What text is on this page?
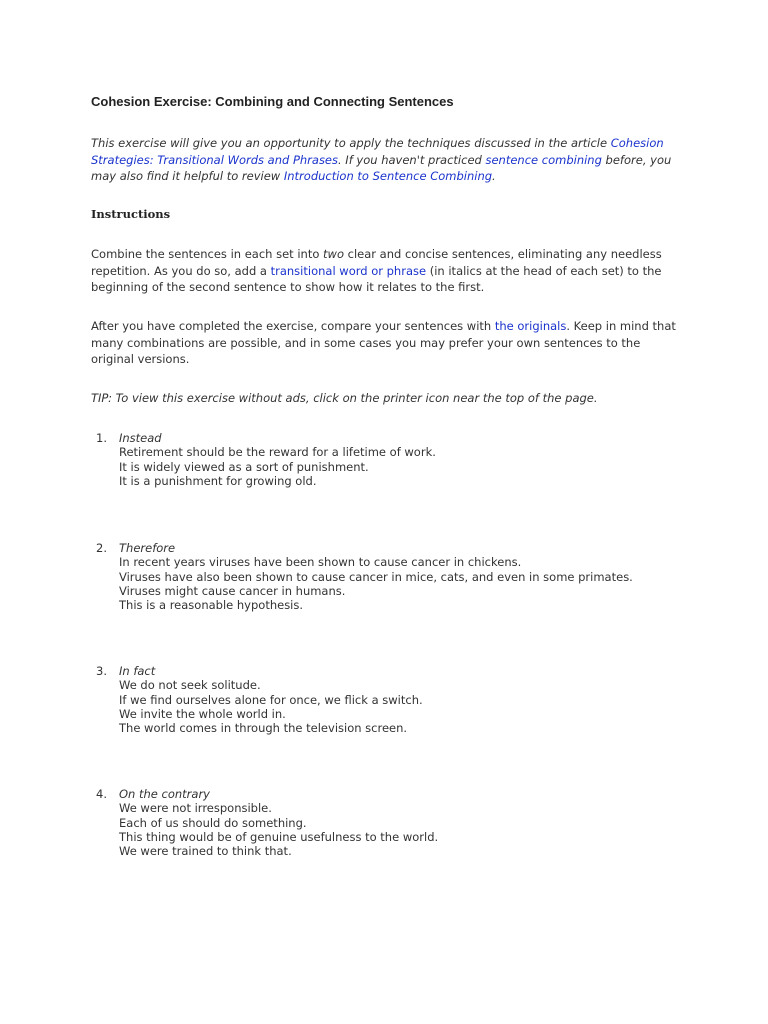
Cohesion Exercise: Combining and Connecting Sentences

This exercise will give you an opportunity to apply the techniques discussed in the article Cohesion Strategies: Transitional Words and Phrases. If you haven't practiced sentence combining before, you may also find it helpful to review Introduction to Sentence Combining.

Instructions

Combine the sentences in each set into two clear and concise sentences, eliminating any needless repetition. As you do so, add a transitional word or phrase (in italics at the head of each set) to the beginning of the second sentence to show how it relates to the first.

After you have completed the exercise, compare your sentences with the originals. Keep in mind that many combinations are possible, and in some cases you may prefer your own sentences to the original versions.

TIP: To view this exercise without ads, click on the printer icon near the top of the page.

1.	Instead
Retirement should be the reward for a lifetime of work.
It is widely viewed as a sort of punishment.
It is a punishment for growing old.
2.	Therefore
In recent years viruses have been shown to cause cancer in chickens.
Viruses have also been shown to cause cancer in mice, cats, and even in some primates.
Viruses might cause cancer in humans.
This is a reasonable hypothesis.
3.	In fact
We do not seek solitude.
If we find ourselves alone for once, we flick a switch.
We invite the whole world in.
The world comes in through the television screen.
4.	On the contrary
We were not irresponsible.
Each of us should do something.
This thing would be of genuine usefulness to the world.
We were trained to think that.
